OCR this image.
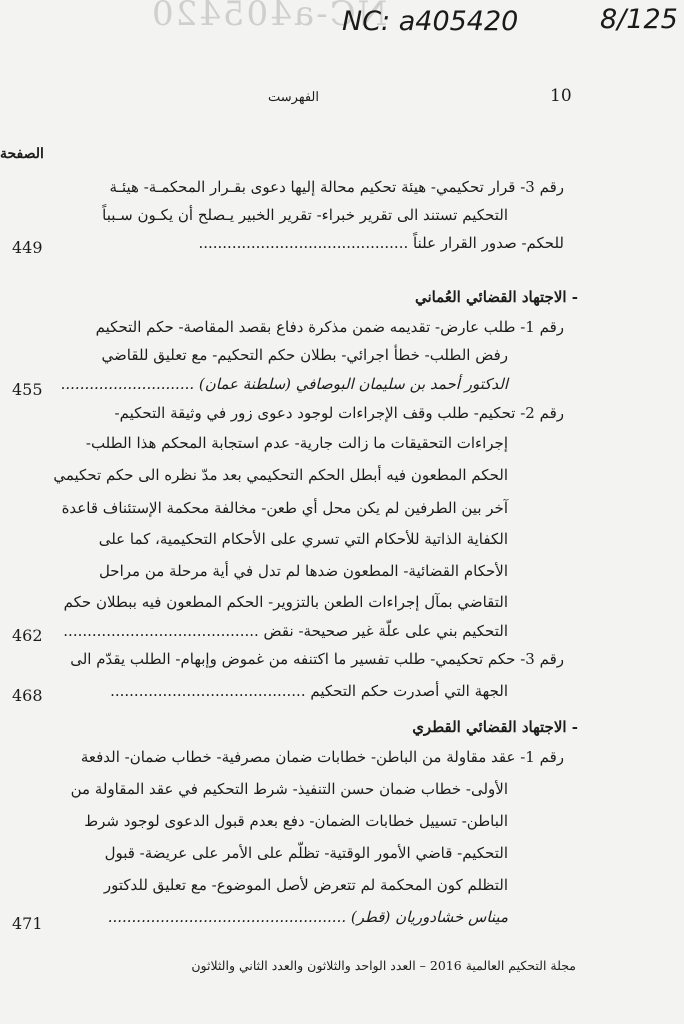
NC-a405420
NC: a405420	8/125
10
الفهرست
الصفحة
رقم 3- قرار تحكيمي- هيئة تحكيم محالة إليها دعوى بقـرار المحكمـة- هيئـة
التحكيم تستند الى تقرير خبراء- تقرير الخبير يـصلح أن يكـون سـبباً
للحكم- صدور القرار علناً ............................................
449
- الاجتهاد القضائي العُماني
رقم 1- طلب عارض- تقديمه ضمن مذكرة دفاع بقصد المقاصة- حكم التحكيم
رفض الطلب- خطأ اجرائي- بطلان حكم التحكيم- مع تعليق للقاضي
الدكتور أحمد بن سليمان البوصافي (سلطنة عمان) ............................
455
رقم 2- تحكيم- طلب وقف الإجراءات لوجود دعوى زور في وثيقة التحكيم-
إجراءات التحقيقات ما زالت جارية- عدم استجابة المحكم هذا الطلب-
الحكم المطعون فيه أبطل الحكم التحكيمي بعد مدّ نظره الى حكم تحكيمي
آخر بين الطرفين لم يكن محل أي طعن- مخالفة محكمة الإستئناف قاعدة
الكفاية الذاتية للأحكام التي تسري على الأحكام التحكيمية، كما على
الأحكام القضائية- المطعون ضدها لم تدل في أية مرحلة من مراحل
التقاضي بمآل إجراءات الطعن بالتزوير- الحكم المطعون فيه ببطلان حكم
التحكيم بني على علّة غير صحيحة- نقض .........................................
462
رقم 3- حكم تحكيمي- طلب تفسير ما اكتنفه من غموض وإبهام- الطلب يقدّم الى
الجهة التي أصدرت حكم التحكيم .........................................
468
- الاجتهاد القضائي القطري
رقم 1- عقد مقاولة من الباطن- خطابات ضمان مصرفية- خطاب ضمان- الدفعة
الأولى- خطاب ضمان حسن التنفيذ- شرط التحكيم في عقد المقاولة من
الباطن- تسييل خطابات الضمان- دفع بعدم قبول الدعوى لوجود شرط
التحكيم- قاضي الأمور الوقتية- تظلّم على الأمر على عريضة- قبول
التظلم كون المحكمة لم تتعرض لأصل الموضوع- مع تعليق للدكتور
ميناس خشادوريان (قطر) ..................................................
471
مجلة التحكيم العالمية 2016 – العدد الواحد والثلاثون والعدد الثاني والثلاثون
